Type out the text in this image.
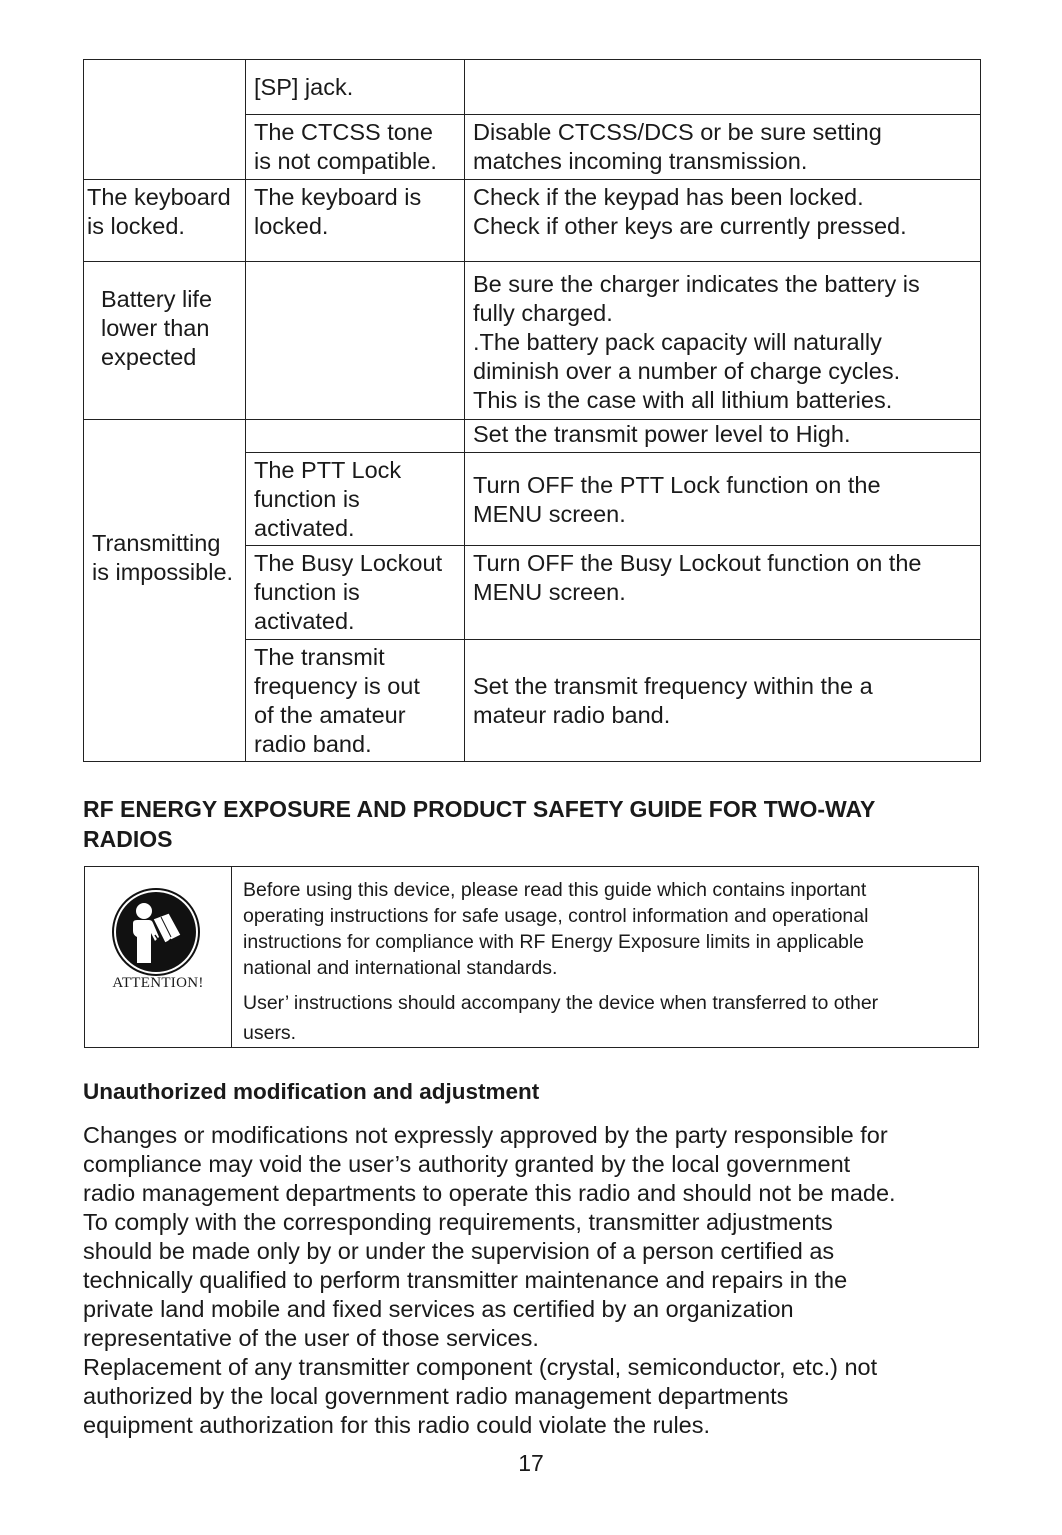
	[SP] jack.	

	The CTCSS tone
is not compatible.	Disable CTCSS/DCS or be sure setting
matches incoming transmission.

The keyboard
is locked.	The keyboard is
locked.	Check if the keypad has been locked.
Check if other keys are currently pressed.

Battery life
lower than
expected		Be sure the charger indicates the battery is
fully charged.
.The battery pack capacity will naturally
diminish over a number of charge cycles.
This is the case with all lithium batteries.

Transmitting
is impossible.		Set the transmit power level to High.

	The PTT Lock
function is
activated.	Turn OFF the PTT Lock function on the
MENU screen.

	The Busy Lockout
function is
activated.	Turn OFF the Busy Lockout function on the
MENU screen.

	The transmit
frequency is out
of the amateur
radio band.	Set the transmit frequency within the a
mateur radio band.
RF ENERGY EXPOSURE AND PRODUCT SAFETY GUIDE FOR TWO-WAY
RADIOS
ATTENTION!
Before using this device, please read this guide which contains inportant
operating instructions for safe usage, control information and operational
instructions for compliance with RF Energy Exposure limits in applicable
national and international standards.
User’ instructions should accompany the device when transferred to other
users.
Unauthorized modification and adjustment
Changes or modifications not expressly approved by the party responsible for
compliance may void the user’s authority granted by the local government
radio management departments to operate this radio and should not be made.
To comply with the corresponding requirements, transmitter adjustments
should be made only by or under the supervision of a person certified as
technically qualified to perform transmitter maintenance and repairs in the
private land mobile and fixed services as certified by an organization
representative of the user of those services.
Replacement of any transmitter component (crystal, semiconductor, etc.) not
authorized by the local government radio management departments
equipment authorization for this radio could violate the rules.
17
